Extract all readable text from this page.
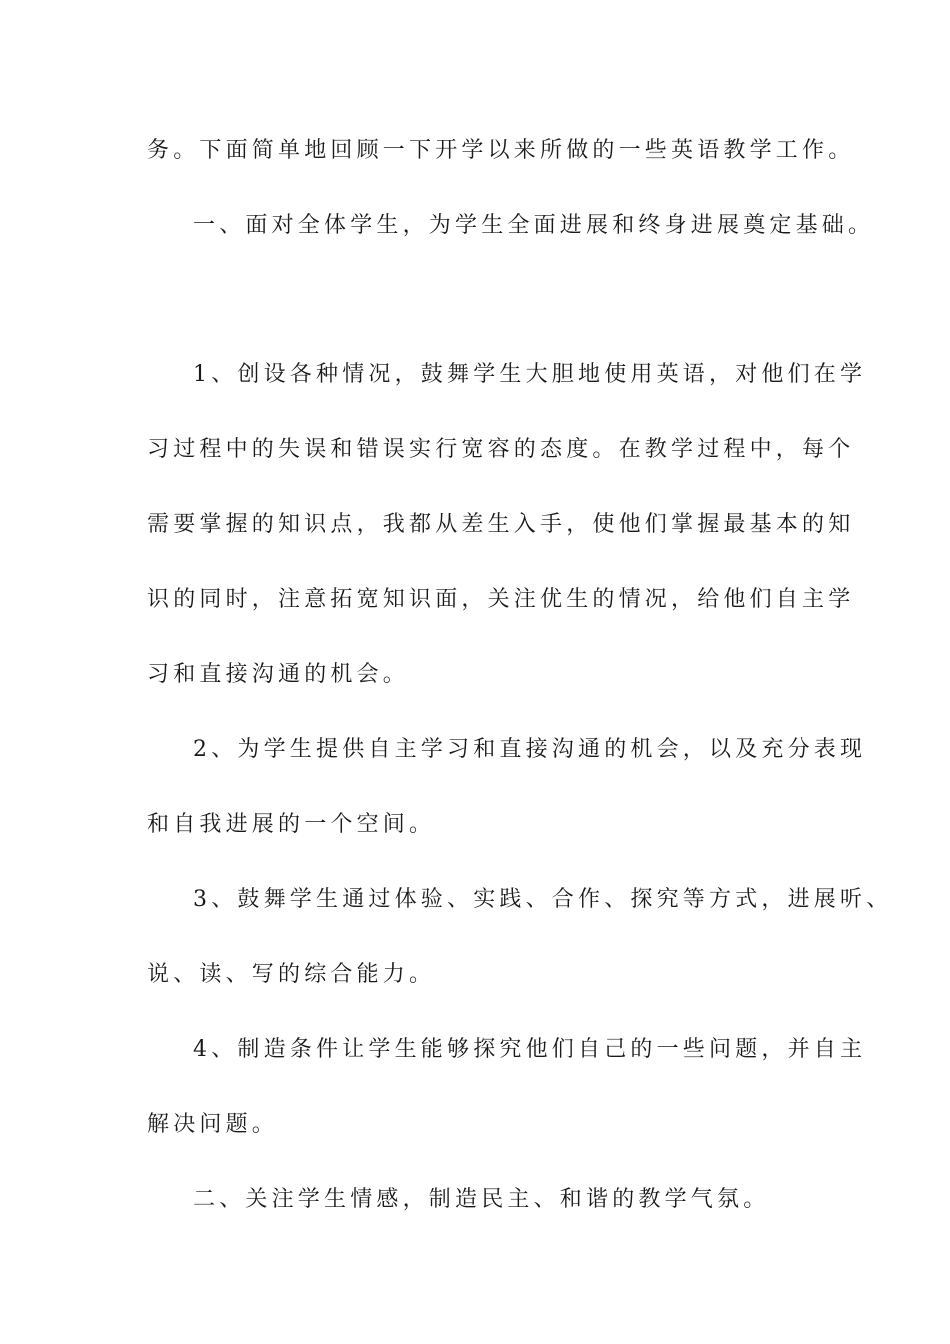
务。下面简单地回顾一下开学以来所做的一些英语教学工作。
一、面对全体学生，为学生全面进展和终身进展奠定基础。
1、创设各种情况，鼓舞学生大胆地使用英语，对他们在学
习过程中的失误和错误实行宽容的态度。在教学过程中，每个
需要掌握的知识点，我都从差生入手，使他们掌握最基本的知
识的同时，注意拓宽知识面，关注优生的情况，给他们自主学
习和直接沟通的机会。
2、为学生提供自主学习和直接沟通的机会，以及充分表现
和自我进展的一个空间。
3、鼓舞学生通过体验、实践、合作、探究等方式，进展听、
说、读、写的综合能力。
4、制造条件让学生能够探究他们自己的一些问题，并自主
解决问题。
二、关注学生情感，制造民主、和谐的教学气氛。
